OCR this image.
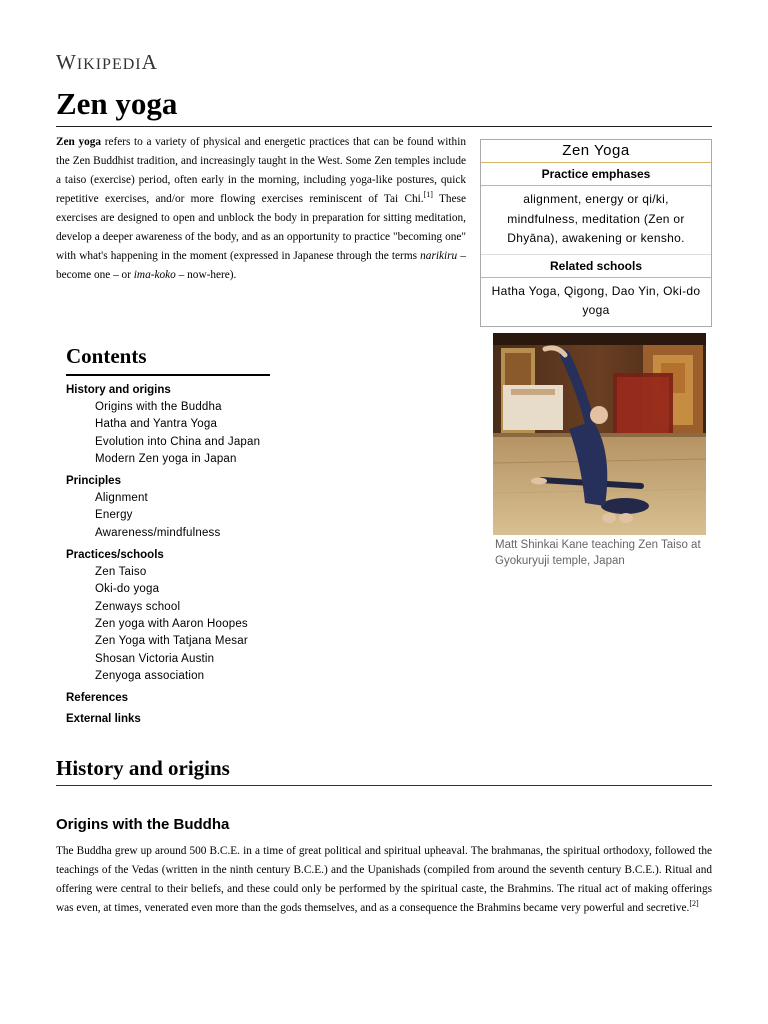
WIKIPEDIA
Zen yoga

Zen yoga refers to a variety of physical and energetic practices that can be found within the Zen Buddhist tradition, and increasingly taught in the West. Some Zen temples include a taiso (exercise) period, often early in the morning, including yoga-like postures, quick repetitive exercises, and/or more flowing exercises reminiscent of Tai Chi.[1] These exercises are designed to open and unblock the body in preparation for sitting meditation, develop a deeper awareness of the body, and as an opportunity to practice "becoming one" with what's happening in the moment (expressed in Japanese through the terms narikiru – become one – or ima-koko – now-here).

Zen Yoga
Practice emphases
alignment, energy or qi/ki, mindfulness, meditation (Zen or Dhyāna), awakening or kensho.
Related schools
Hatha Yoga, Qigong, Dao Yin, Oki-do yoga

Matt Shinkai Kane teaching Zen Taiso at Gyokuryuji temple, Japan

Contents
History and origins
Origins with the Buddha
Hatha and Yantra Yoga
Evolution into China and Japan
Modern Zen yoga in Japan
Principles
Alignment
Energy
Awareness/mindfulness
Practices/schools
Zen Taiso
Oki-do yoga
Zenways school
Zen yoga with Aaron Hoopes
Zen Yoga with Tatjana Mesar
Shosan Victoria Austin
Zenyoga association
References
External links
History and origins
Origins with the Buddha

The Buddha grew up around 500 B.C.E. in a time of great political and spiritual upheaval. The brahmanas, the spiritual orthodoxy, followed the teachings of the Vedas (written in the ninth century B.C.E.) and the Upanishads (compiled from around the seventh century B.C.E.). Ritual and offering were central to their beliefs, and these could only be performed by the spiritual caste, the Brahmins. The ritual act of making offerings was even, at times, venerated even more than the gods themselves, and as a consequence the Brahmins became very powerful and secretive.[2]
